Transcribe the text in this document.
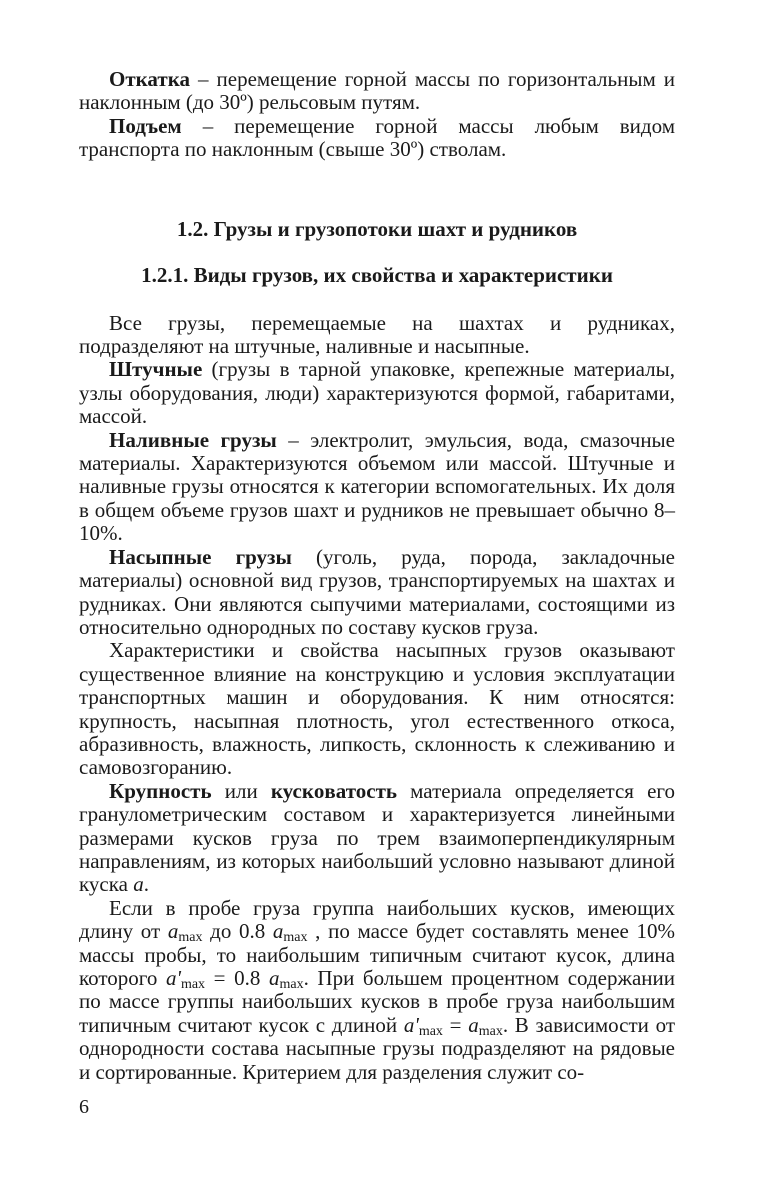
Откатка – перемещение горной массы по горизонтальным и наклонным (до 30º) рельсовым путям.

Подъем – перемещение горной массы любым видом транспорта по наклонным (свыше 30º) стволам.

1.2. Грузы и грузопотоки шахт и рудников
1.2.1. Виды грузов, их свойства и характеристики

Все грузы, перемещаемые на шахтах и рудниках, подразделяют на штучные, наливные и насыпные.

Штучные (грузы в тарной упаковке, крепежные материалы, узлы оборудования, люди) характеризуются формой, габаритами, массой.

Наливные грузы – электролит, эмульсия, вода, смазочные материалы. Характеризуются объемом или массой. Штучные и наливные грузы относятся к категории вспомогательных. Их доля в общем объеме грузов шахт и рудников не превышает обычно 8–10%.

Насыпные грузы (уголь, руда, порода, закладочные материалы) основной вид грузов, транспортируемых на шахтах и рудниках. Они являются сыпучими материалами, состоящими из относительно однородных по составу кусков груза.

Характеристики и свойства насыпных грузов оказывают существенное влияние на конструкцию и условия эксплуатации транспортных машин и оборудования. К ним относятся: крупность, насыпная плотность, угол естественного откоса, абразивность, влажность, липкость, склонность к слеживанию и самовозгоранию.

Крупность или кускoватость материала определяется его гранулометрическим составом и характеризуется линейными размерами кусков груза по трем взаимоперпендикулярным направлениям, из которых наибольший условно называют длиной куска a.

Если в пробе груза группа наибольших кусков, имеющих длину от $a_{max}$ до 0.8 $a_{max}$ , по массе будет составлять менее 10% массы пробы, то наибольшим типичным считают кусок, длина которого $a'_{max} = 0.8$ $a_{max}$. При большем процентном содержании по массе группы наибольших кусков в пробе груза наибольшим типичным считают кусок с длиной $a'_{max} = a_{max}$. В зависимости от однородности состава насыпные грузы подразделяют на рядовые и сортированные. Критерием для разделения служит со-

6
